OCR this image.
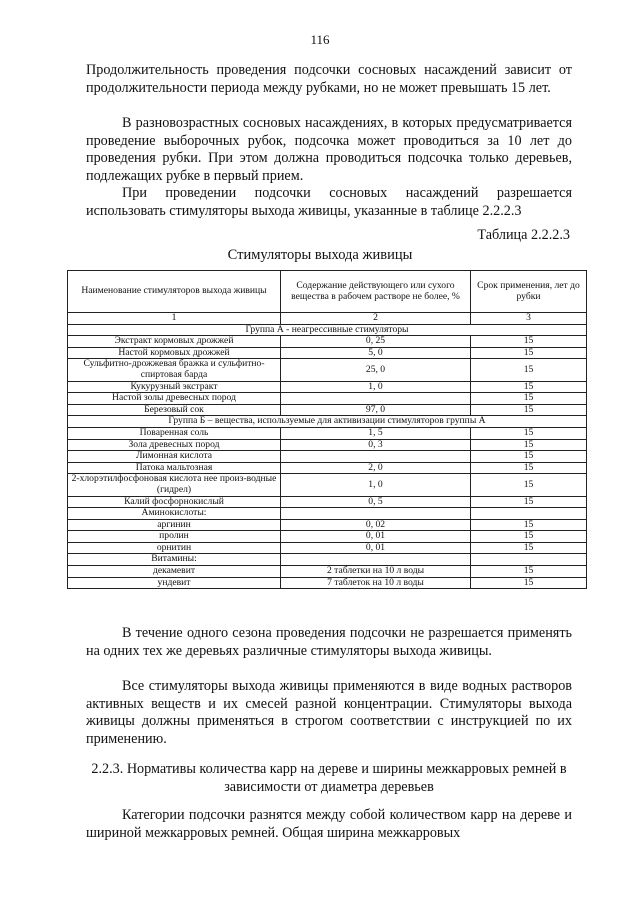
116

Продолжительность проведения подсочки сосновых насаждений зависит от продолжительности периода между рубками, но не может превышать 15 лет.

В разновозрастных сосновых насаждениях, в которых предусматривается проведение выборочных рубок, подсочка может проводиться за 10 лет до проведения рубки. При этом должна проводиться подсочка только деревьев, подлежащих рубке в первый прием.

При проведении подсочки сосновых насаждений разрешается использовать стимуляторы выхода живицы, указанные в таблице 2.2.2.3

Таблица 2.2.2.3
Стимуляторы выхода живицы
Наименование стимуляторов выхода живицы	Содержание действующего или сухого вещества в рабочем растворе не более, %	Срок применения, лет до рубки
1	2	3
Группа А - неагрессивные стимуляторы		
Экстракт кормовых дрожжей	0, 25	15
Настой кормовых дрожжей	5, 0	15
Сульфитно-дрожжевая бражка и сульфитно-спиртовая барда	25, 0	15
Кукурузный экстракт	1, 0	15
Настой золы древесных пород		15
Березовый сок	97, 0	15
Группа Б – вещества, используемые для активизации стимуляторов группы А		
Поваренная соль	1, 5	15
Зола древесных пород	0, 3	15
Лимонная кислота		15
Патока мальтозная	2, 0	15
2-хлорэтилфосфоновая кислота нее произ-водные (гидрел)	1, 0	15
Калий фосфорнокислый	0, 5	15
Аминокислоты:		
аргинин	0, 02	15
пролин	0, 01	15
орнитин	0, 01	15
Витамины:		
декамевит	2 таблетки на 10 л воды	15
ундевит	7 таблеток на 10 л воды	15

В течение одного сезона проведения подсочки не разрешается применять на одних тех же деревьях различные стимуляторы выхода живицы.

Все стимуляторы выхода живицы применяются в виде водных растворов активных веществ и их смесей разной концентрации. Стимуляторы выхода живицы должны применяться в строгом соответствии с инструкцией по их применению.

2.2.3. Нормативы количества карр на дереве и ширины межкарровых ремней в зависимости от диаметра деревьев

Категории подсочки разнятся между собой количеством карр на дереве и шириной межкарровых ремней. Общая ширина межкарровых
